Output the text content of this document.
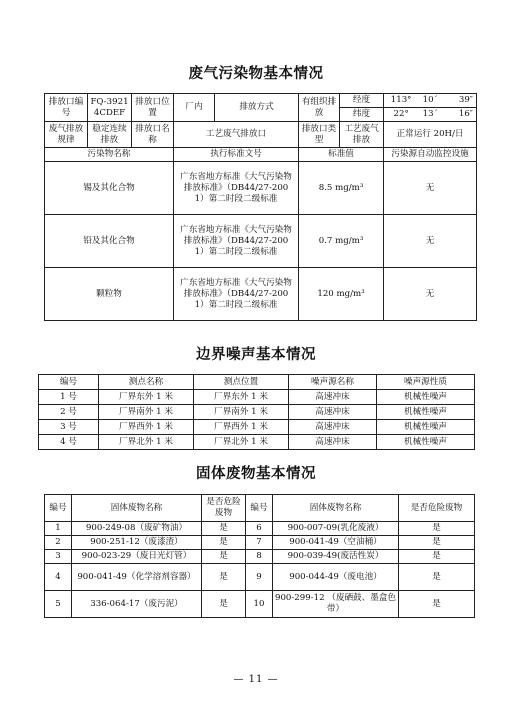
废气污染物基本情况
排放口编号	FQ-39214CDEF	排放口位置	厂内	排放方式	有组织排放	经度	113° 10´ 39″

						纬度	22° 13´ 16″

废气排放规律	稳定连续排放	排放口名称	工艺废气排放口		排放口类型	工艺废气排放	正常运行 20H/日
污染物名称			执行标准文号		标准值		污染源自动监控设施
锡及其化合物			广东省地方标准《大气污染物排放标准》（DB44/27-2001）第二时段二级标准		8.5 mg/m³		无
铅及其化合物			广东省地方标准《大气污染物排放标准》（DB44/27-2001）第二时段二级标准		0.7 mg/m³		无
颗粒物			广东省地方标准《大气污染物排放标准》（DB44/27-2001）第二时段二级标准		120 mg/m³		无
边界噪声基本情况
编号	测点名称	测点位置	噪声源名称	噪声源性质
1 号	厂界东外 1 米	厂界东外 1 米	高速冲床	机械性噪声
2 号	厂界南外 1 米	厂界南外 1 米	高速冲床	机械性噪声
3 号	厂界西外 1 米	厂界西外 1 米	高速冲床	机械性噪声
4 号	厂界北外 1 米	厂界北外 1 米	高速冲床	机械性噪声
固体废物基本情况
编号	固体废物名称	是否危险废物	编号	固体废物名称	是否危险废物
1	900-249-08（废矿物油）	是	6	900-007-09(乳化废液）	是
2	900-251-12（废漆渣）	是	7	900-041-49（空油桶）	是
3	900-023-29（废日光灯管）	是	8	900-039-49(废活性炭）	是
4	900-041-49（化学溶剂容器）	是	9	900-044-49（废电池）	是
5	336-064-17（废污泥）	是	10	900-299-12 （废硒鼓、墨盒色带）	是
— 11 —
